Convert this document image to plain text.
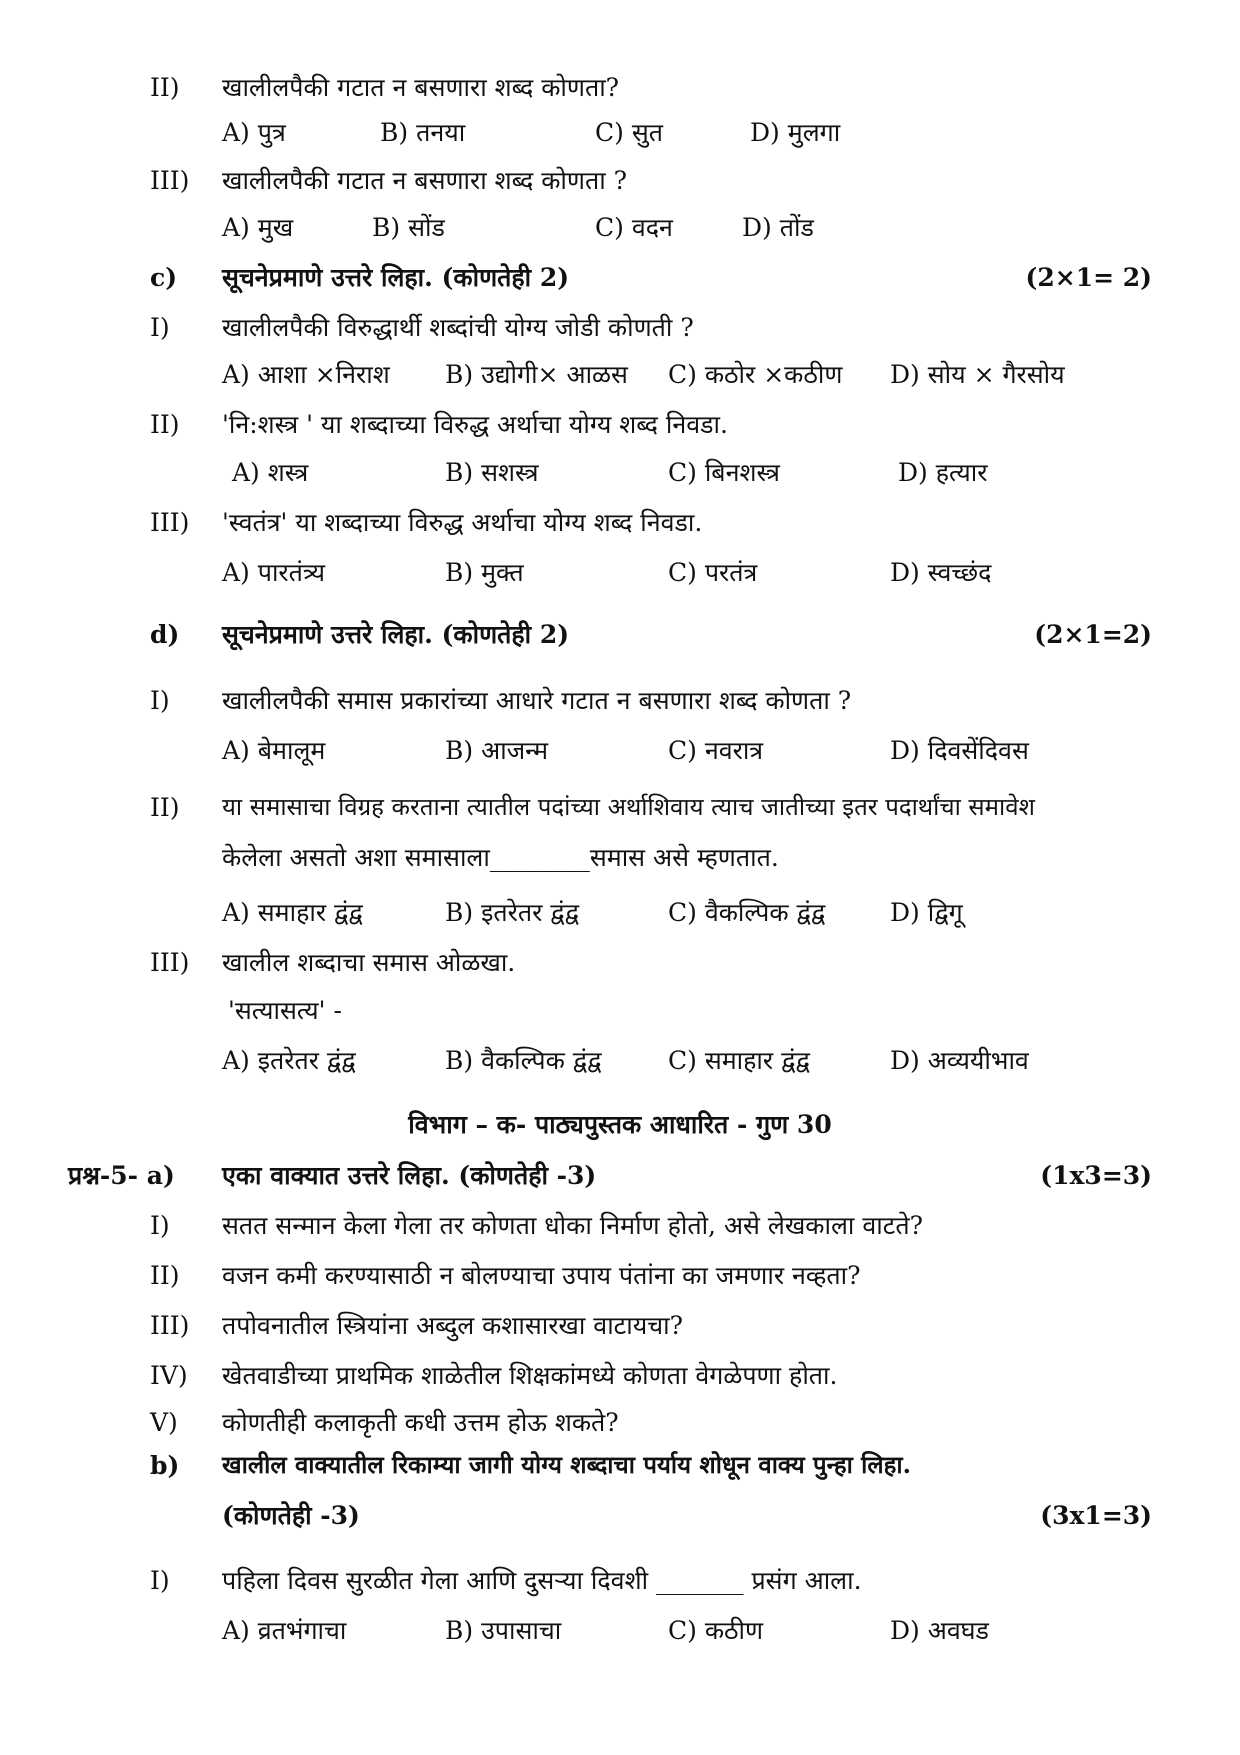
II) खालीलपैकी गटात न बसणारा शब्द कोणता?
A) पुत्र	B) तनया	C) सुत	D) मुलगा
III) खालीलपैकी गटात न बसणारा शब्द कोणता ?
A) मुख	B) सोंड	C) वदन	D) तोंड
c) सूचनेप्रमाणे उत्तरे लिहा. (कोणतेही 2)	(2×1= 2)
I) खालीलपैकी विरुद्धार्थी शब्दांची योग्य जोडी कोणती ?
A) आशा ×निराश B) उद्योगी× आळस C) कठोर ×कठीण D) सोय × गैरसोय
II) 'नि:शस्त्र ' या शब्दाच्या विरुद्ध अर्थाचा योग्य शब्द निवडा.
A) शस्त्र	B) सशस्त्र	C) बिनशस्त्र	D) हत्यार
III) 'स्वतंत्र' या शब्दाच्या विरुद्ध अर्थाचा योग्य शब्द निवडा.
A) पारतंत्र्य	B) मुक्त	C) परतंत्र	D) स्वच्छंद
d) सूचनेप्रमाणे उत्तरे लिहा. (कोणतेही 2)	(2×1=2)
I) खालीलपैकी समास प्रकारांच्या आधारे गटात न बसणारा शब्द कोणता ?
A) बेमालूम	B) आजन्म	C) नवरात्र	D) दिवसेंदिवस
II) या समासाचा विग्रह करताना त्यातील पदांच्या अर्थाशिवाय त्याच जातीच्या इतर पदार्थांचा समावेश
केलेला असतो अशा समासाला________समास असे म्हणतात.
A) समाहार द्वंद्व	B) इतरेतर द्वंद्व	C) वैकल्पिक द्वंद्व	D) द्विगू
III) खालील शब्दाचा समास ओळखा.
'सत्यासत्य' -
A) इतरेतर द्वंद्व	B) वैकल्पिक द्वंद्व	C) समाहार द्वंद्व	D) अव्ययीभाव
विभाग – क- पाठ्यपुस्तक आधारित - गुण 30
प्रश्न-5- a) एका वाक्यात उत्तरे लिहा. (कोणतेही -3)	(1x3=3)
I) सतत सन्मान केला गेला तर कोणता धोका निर्माण होतो, असे लेखकाला वाटते?
II) वजन कमी करण्यासाठी न बोलण्याचा उपाय पंतांना का जमणार नव्हता?
III) तपोवनातील स्त्रियांना अब्दुल कशासारखा वाटायचा?
IV) खेतवाडीच्या प्राथमिक शाळेतील शिक्षकांमध्ये कोणता वेगळेपणा होता.
V) कोणतीही कलाकृती कधी उत्तम होऊ शकते?
b) खालील वाक्यातील रिकाम्या जागी योग्य शब्दाचा पर्याय शोधून वाक्य पुन्हा लिहा.
(कोणतेही -3)	(3x1=3)
I) पहिला दिवस सुरळीत गेला आणि दुसऱ्या दिवशी _______ प्रसंग आला.
A) व्रतभंगाचा	B) उपासाचा	C) कठीण	D) अवघड
